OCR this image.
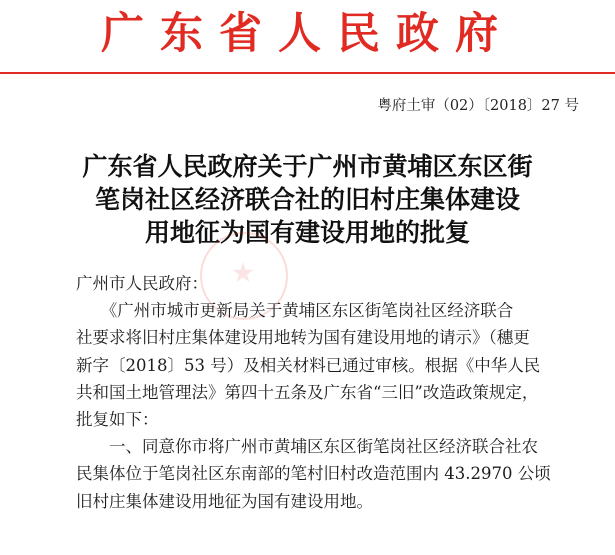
广东省人民政府
粤府土审（02）〔2018〕27 号
广东省人民政府关于广州市黄埔区东区街
笔岗社区经济联合社的旧村庄集体建设
用地征为国有建设用地的批复
广州市人民政府：
　　《广州市城市更新局关于黄埔区东区街笔岗社区经济联合
社要求将旧村庄集体建设用地转为国有建设用地的请示》（穗更
新字〔2018〕53 号）及相关材料已通过审核。根据《中华人民
共和国土地管理法》第四十五条及广东省“三旧”改造政策规定，
批复如下：
　　一、同意你市将广州市黄埔区东区街笔岗社区经济联合社农
民集体位于笔岗社区东南部的笔村旧村改造范围内 43.2970 公顷
旧村庄集体建设用地征为国有建设用地。
